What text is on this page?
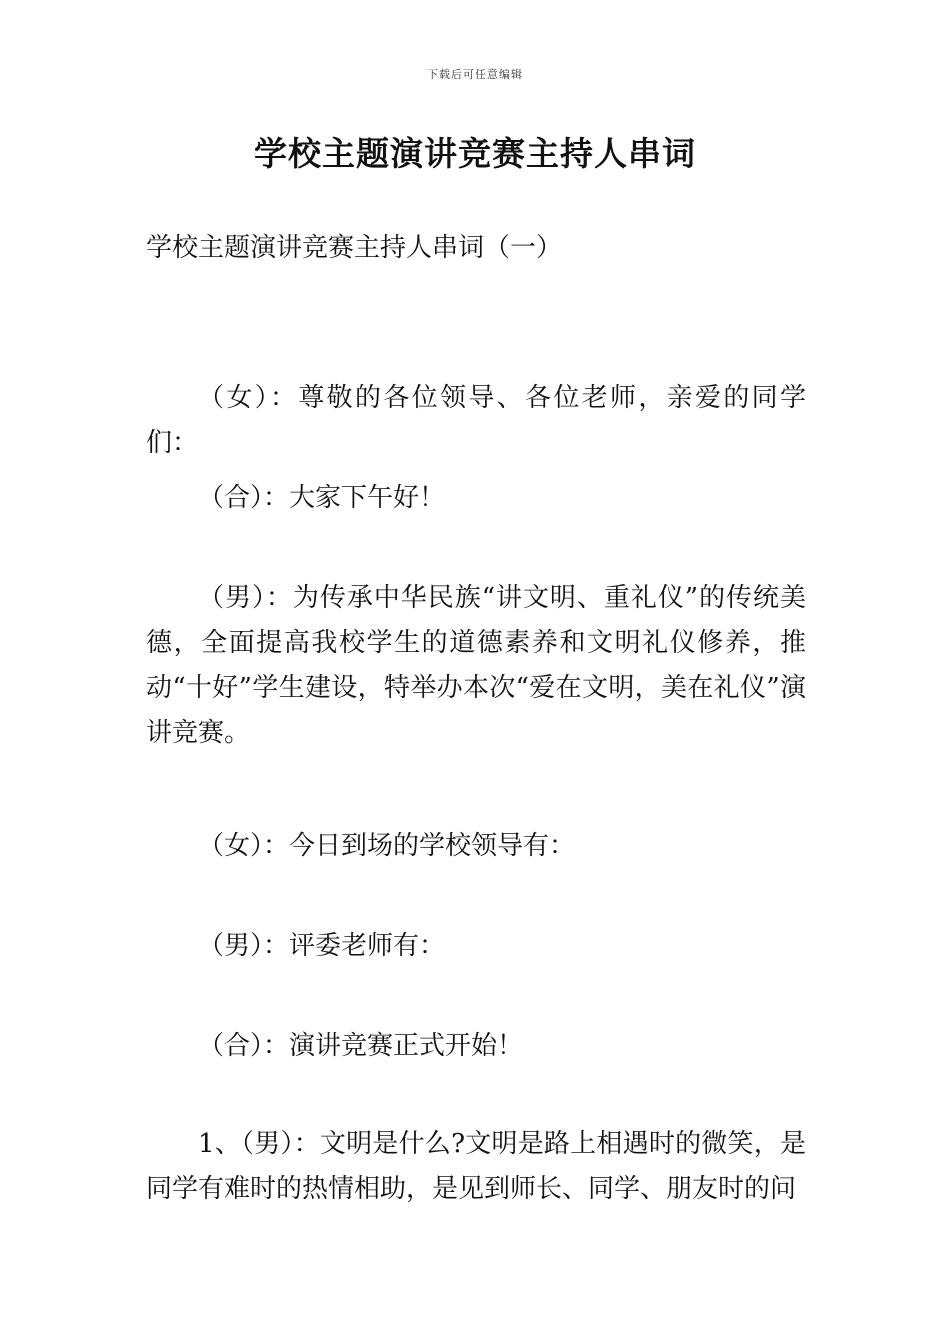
下载后可任意编辑
学校主题演讲竞赛主持人串词

学校主题演讲竞赛主持人串词（一）

（女）：尊敬的各位领导、各位老师，亲爱的同学们：

（合）：大家下午好！

（男）：为传承中华民族“讲文明、重礼仪”的传统美德，全面提高我校学生的道德素养和文明礼仪修养，推动“十好”学生建设，特举办本次“爱在文明，美在礼仪”演讲竞赛。

（女）：今日到场的学校领导有：

（男）：评委老师有：

（合）：演讲竞赛正式开始！

1、（男）：文明是什么?文明是路上相遇时的微笑，是同学有难时的热情相助，是见到师长、同学、朋友时的问
